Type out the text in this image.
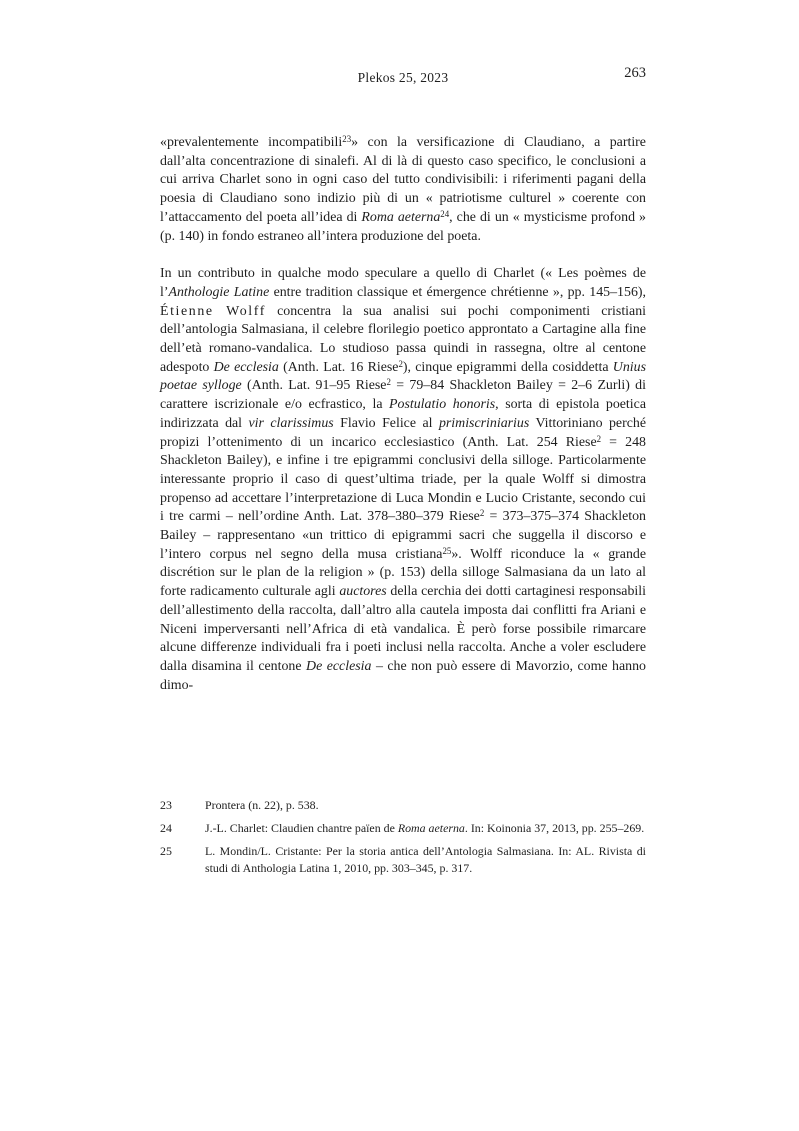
Plekos 25, 2023	263

«prevalentemente incompatibili$^{23}$» con la versificazione di Claudiano, a partire dall’alta concentrazione di sinalefi. Al di là di questo caso specifico, le conclusioni a cui arriva Charlet sono in ogni caso del tutto condivisibili: i riferimenti pagani della poesia di Claudiano sono indizio più di un « patriotisme culturel » coerente con l’attaccamento del poeta all’idea di Roma aeterna$^{24}$, che di un « mysticisme profond » (p. 140) in fondo estraneo all’intera produzione del poeta.

In un contributo in qualche modo speculare a quello di Charlet (« Les poèmes de l’Anthologie Latine entre tradition classique et émergence chrétienne », pp. 145–156), Étienne Wolff concentra la sua analisi sui pochi componimenti cristiani dell’antologia Salmasiana, il celebre florilegio poetico approntato a Cartagine alla fine dell’età romano-vandalica. Lo studioso passa quindi in rassegna, oltre al centone adespoto De ecclesia (Anth. Lat. 16 Riese$^2$), cinque epigrammi della cosiddetta Unius poetae sylloge (Anth. Lat. 91–95 Riese$^2$ = 79–84 Shackleton Bailey = 2–6 Zurli) di carattere iscrizionale e/o ecfrastico, la Postulatio honoris, sorta di epistola poetica indirizzata dal vir clarissimus Flavio Felice al primiscriniarius Vittoriniano perché propizi l’ottenimento di un incarico ecclesiastico (Anth. Lat. 254 Riese$^2$ = 248 Shackleton Bailey), e infine i tre epigrammi conclusivi della silloge. Particolarmente interessante proprio il caso di quest’ultima triade, per la quale Wolff si dimostra propenso ad accettare l’interpretazione di Luca Mondin e Lucio Cristante, secondo cui i tre carmi – nell’ordine Anth. Lat. 378–380–379 Riese$^2$ = 373–375–374 Shackleton Bailey – rappresentano «un trittico di epigrammi sacri che suggella il discorso e l’intero corpus nel segno della musa cristiana$^{25}$». Wolff riconduce la « grande discrétion sur le plan de la religion » (p. 153) della silloge Salmasiana da un lato al forte radicamento culturale agli auctores della cerchia dei dotti cartaginesi responsabili dell’allestimento della raccolta, dall’altro alla cautela imposta dai conflitti fra Ariani e Niceni imperversanti nell’Africa di età vandalica. È però forse possibile rimarcare alcune differenze individuali fra i poeti inclusi nella raccolta. Anche a voler escludere dalla disamina il centone De ecclesia – che non può essere di Mavorzio, come hanno dimo-

23	Prontera (n. 22), p. 538.
24	J.-L. Charlet: Claudien chantre païen de Roma aeterna. In: Koinonia 37, 2013, pp. 255–269.
25	L. Mondin/L. Cristante: Per la storia antica dell’Antologia Salmasiana. In: AL. Rivista di studi di Anthologia Latina 1, 2010, pp. 303–345, p. 317.
